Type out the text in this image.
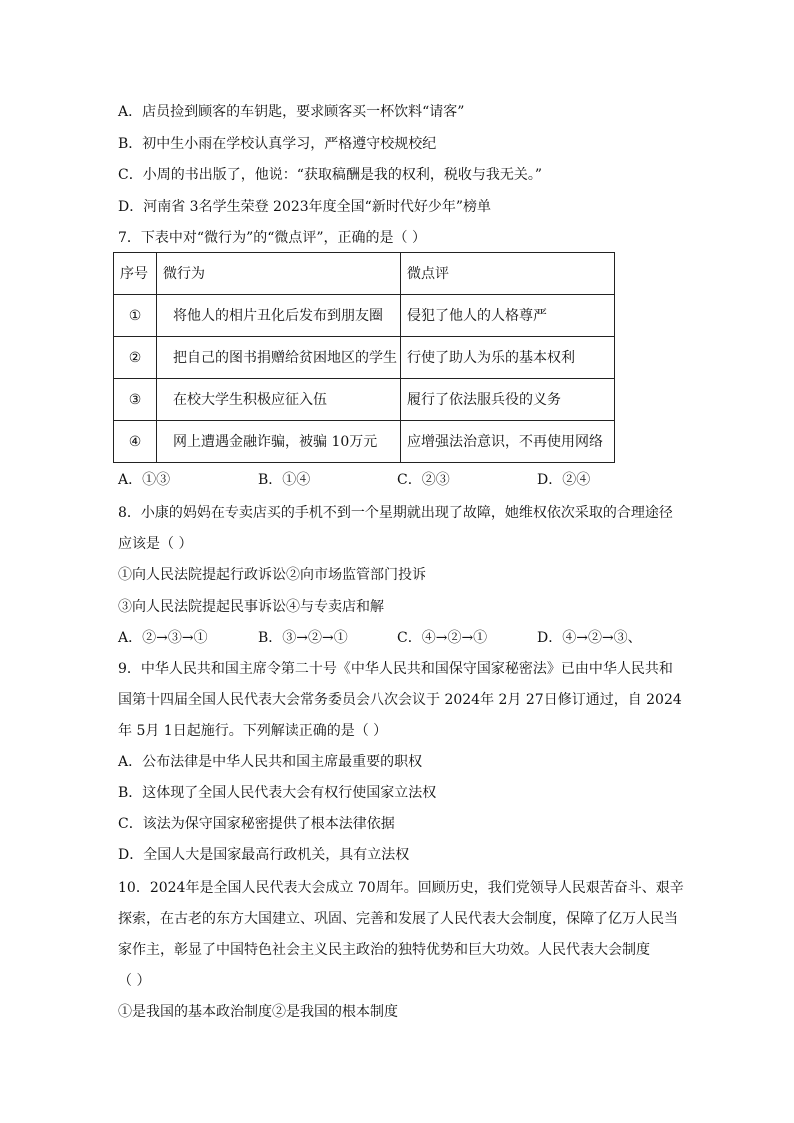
A．店员捡到顾客的车钥匙，要求顾客买一杯饮料“请客”
B．初中生小雨在学校认真学习，严格遵守校规校纪
C．小周的书出版了，他说：“获取稿酬是我的权利，税收与我无关。”
D．河南省 3名学生荣登 2023年度全国“新时代好少年”榜单
7．下表中对“微行为”的“微点评”，正确的是（ ）
序号	微行为	微点评
①	将他人的相片丑化后发布到朋友圈	侵犯了他人的人格尊严
②	把自己的图书捐赠给贫困地区的学生	行使了助人为乐的基本权利
③	在校大学生积极应征入伍	履行了依法服兵役的义务
④	网上遭遇金融诈骗，被骗 10万元	应增强法治意识，不再使用网络
A．①③	B．①④	C．②③	D．②④
8．小康的妈妈在专卖店买的手机不到一个星期就出现了故障，她维权依次采取的合理途径
应该是（ ）
①向人民法院提起行政诉讼②向市场监管部门投诉
③向人民法院提起民事诉讼④与专卖店和解
A．②→③→①	B．③→②→①	C．④→②→①	D．④→②→③、
9．中华人民共和国主席令第二十号《中华人民共和国保守国家秘密法》已由中华人民共和
国第十四届全国人民代表大会常务委员会八次会议于 2024年 2月 27日修订通过，自 2024
年 5月 1日起施行。下列解读正确的是（ ）
A．公布法律是中华人民共和国主席最重要的职权
B．这体现了全国人民代表大会有权行使国家立法权
C．该法为保守国家秘密提供了根本法律依据
D．全国人大是国家最高行政机关，具有立法权
10．2024年是全国人民代表大会成立 70周年。回顾历史，我们党领导人民艰苦奋斗、艰辛
探索，在古老的东方大国建立、巩固、完善和发展了人民代表大会制度，保障了亿万人民当
家作主，彰显了中国特色社会主义民主政治的独特优势和巨大功效。人民代表大会制度
（ ）
①是我国的基本政治制度②是我国的根本制度
